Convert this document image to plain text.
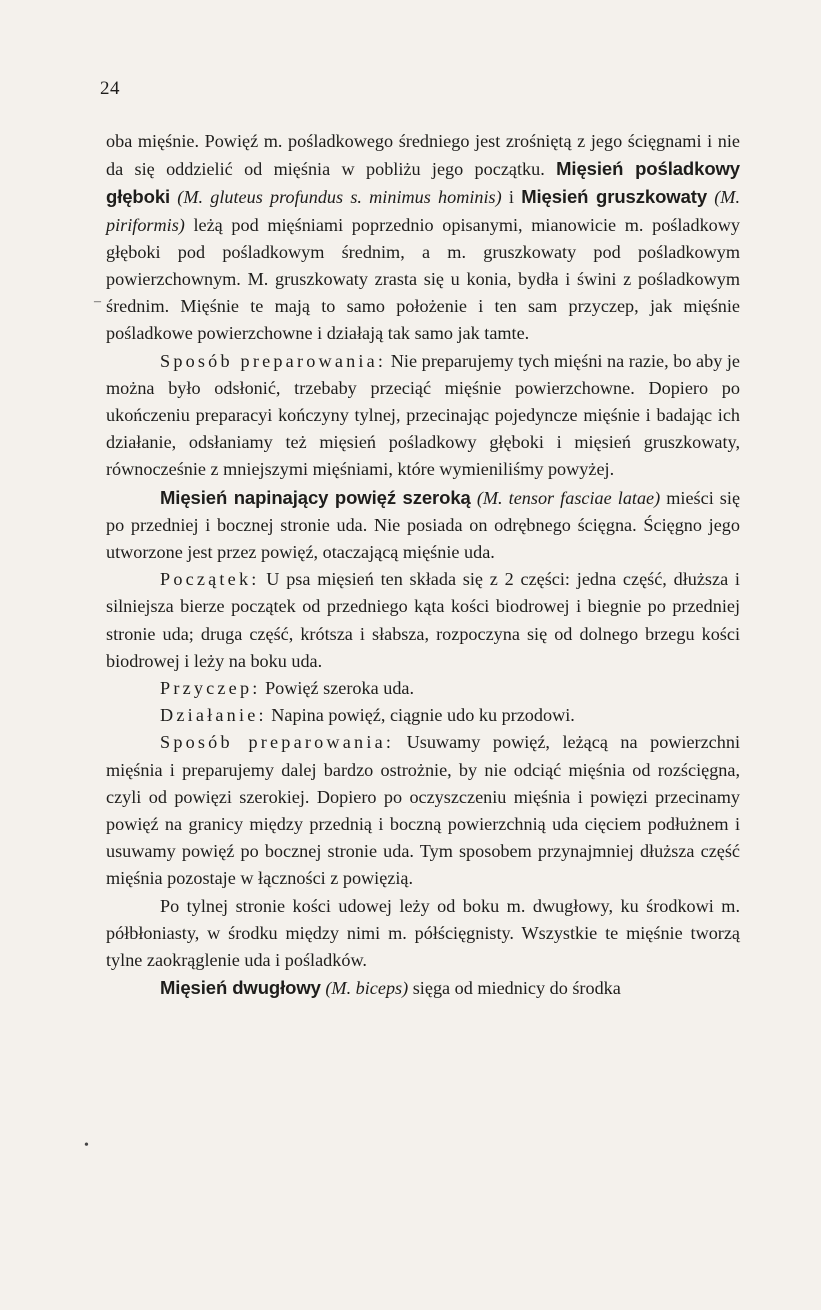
24
–
•

oba mięśnie. Powięź m. pośladkowego średniego jest zrośniętą z jego ścięgnami i nie da się oddzielić od mięśnia w pobliżu jego początku. Mięsień pośladkowy głęboki (M. gluteus profundus s. minimus hominis) i Mięsień gruszkowaty (M. piriformis) leżą pod mięśniami poprzednio opisanymi, mianowicie m. pośladkowy głęboki pod pośladkowym średnim, a m. gruszkowaty pod pośladkowym powierzchownym. M. gruszkowaty zrasta się u konia, bydła i świni z pośladkowym średnim. Mięśnie te mają to samo położenie i ten sam przyczep, jak mięśnie pośladkowe powierzchowne i działają tak samo jak tamte.

Sposób preparowania: Nie preparujemy tych mięśni na razie, bo aby je można było odsłonić, trzebaby przeciąć mięśnie powierzchowne. Dopiero po ukończeniu preparacyi kończyny tylnej, przecinając pojedyncze mięśnie i badając ich działanie, odsłaniamy też mięsień pośladkowy głęboki i mięsień gruszkowaty, równocześnie z mniejszymi mięśniami, które wymieniliśmy powyżej.

Mięsień napinający powięź szeroką (M. tensor fasciae latae) mieści się po przedniej i bocznej stronie uda. Nie posiada on odrębnego ścięgna. Ścięgno jego utworzone jest przez powięź, otaczającą mięśnie uda.

Początek: U psa mięsień ten składa się z 2 części: jedna część, dłuższa i silniejsza bierze początek od przedniego kąta kości biodrowej i biegnie po przedniej stronie uda; druga część, krótsza i słabsza, rozpoczyna się od dolnego brzegu kości biodrowej i leży na boku uda.

Przyczep: Powięź szeroka uda.

Działanie: Napina powięź, ciągnie udo ku przodowi.

Sposób preparowania: Usuwamy powięź, leżącą na powierzchni mięśnia i preparujemy dalej bardzo ostrożnie, by nie odciąć mięśnia od rozścięgna, czyli od powięzi szerokiej. Dopiero po oczyszczeniu mięśnia i powięzi przecinamy powięź na granicy między przednią i boczną powierzchnią uda cięciem podłużnem i usuwamy powięź po bocznej stronie uda. Tym sposobem przynajmniej dłuższa część mięśnia pozostaje w łączności z powięzią.

Po tylnej stronie kości udowej leży od boku m. dwugłowy, ku środkowi m. półbłoniasty, w środku między nimi m. półścięgnisty. Wszystkie te mięśnie tworzą tylne zaokrąglenie uda i pośladków.

Mięsień dwugłowy (M. biceps) sięga od miednicy do środka
